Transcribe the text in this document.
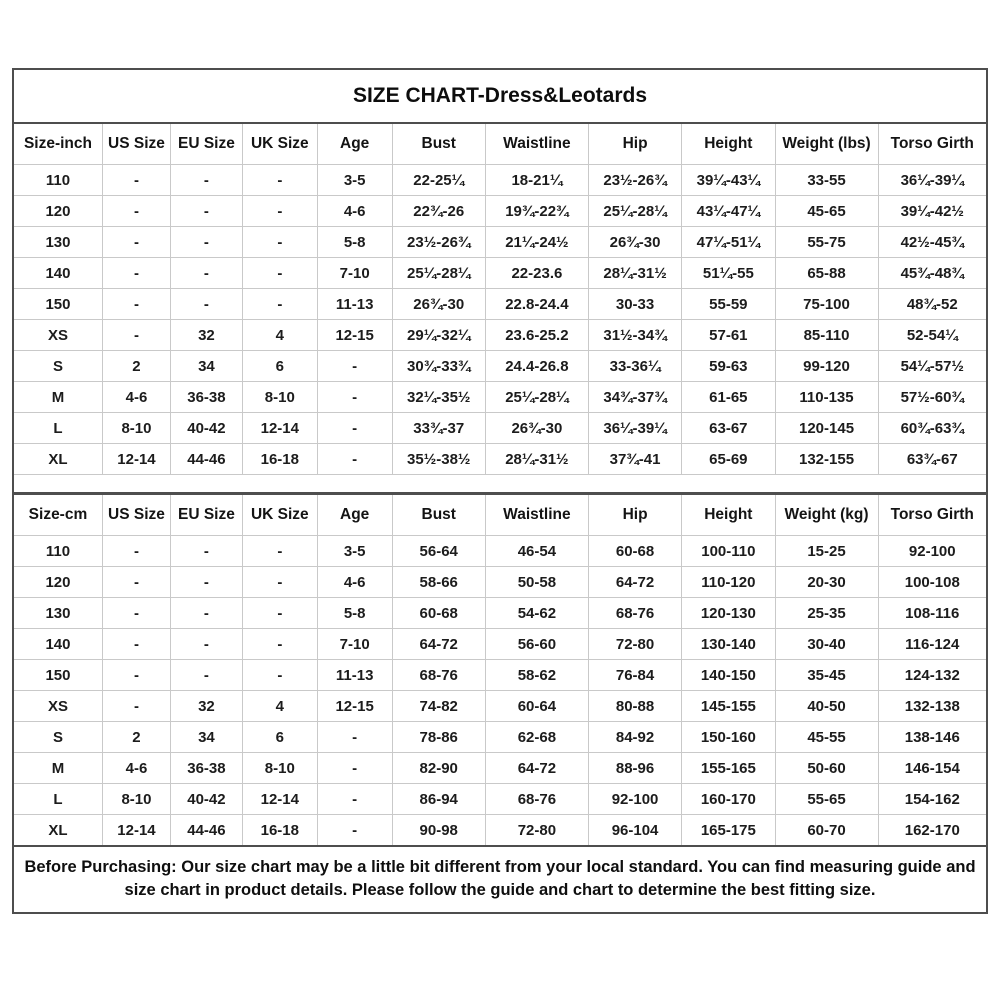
SIZE CHART-Dress&Leotards
Size-inch	US Size	EU Size	UK Size	Age	Bust	Waistline	Hip	Height	Weight (lbs)	Torso Girth
110	-	-	-	3-5	22-25¼	18-21¼	23½-26¾	39¼-43¼	33-55	36¼-39¼
120	-	-	-	4-6	22¾-26	19¾-22¾	25¼-28¼	43¼-47¼	45-65	39¼-42½
130	-	-	-	5-8	23½-26¾	21¼-24½	26¾-30	47¼-51¼	55-75	42½-45¾
140	-	-	-	7-10	25¼-28¼	22-23.6	28¼-31½	51¼-55	65-88	45¾-48¾
150	-	-	-	11-13	26¾-30	22.8-24.4	30-33	55-59	75-100	48¾-52
XS	-	32	4	12-15	29¼-32¼	23.6-25.2	31½-34¾	57-61	85-110	52-54¼
S	2	34	6	-	30¾-33¾	24.4-26.8	33-36¼	59-63	99-120	54¼-57½
M	4-6	36-38	8-10	-	32¼-35½	25¼-28¼	34¾-37¾	61-65	110-135	57½-60¾
L	8-10	40-42	12-14	-	33¾-37	26¾-30	36¼-39¼	63-67	120-145	60¾-63¾
XL	12-14	44-46	16-18	-	35½-38½	28¼-31½	37¾-41	65-69	132-155	63¾-67
Size-cm	US Size	EU Size	UK Size	Age	Bust	Waistline	Hip	Height	Weight (kg)	Torso Girth
110	-	-	-	3-5	56-64	46-54	60-68	100-110	15-25	92-100
120	-	-	-	4-6	58-66	50-58	64-72	110-120	20-30	100-108
130	-	-	-	5-8	60-68	54-62	68-76	120-130	25-35	108-116
140	-	-	-	7-10	64-72	56-60	72-80	130-140	30-40	116-124
150	-	-	-	11-13	68-76	58-62	76-84	140-150	35-45	124-132
XS	-	32	4	12-15	74-82	60-64	80-88	145-155	40-50	132-138
S	2	34	6	-	78-86	62-68	84-92	150-160	45-55	138-146
M	4-6	36-38	8-10	-	82-90	64-72	88-96	155-165	50-60	146-154
L	8-10	40-42	12-14	-	86-94	68-76	92-100	160-170	55-65	154-162
XL	12-14	44-46	16-18	-	90-98	72-80	96-104	165-175	60-70	162-170
Before Purchasing: Our size chart may be a little bit different from your local standard. You can find measuring guide and
size chart in product details. Please follow the guide and chart to determine the best fitting size.
